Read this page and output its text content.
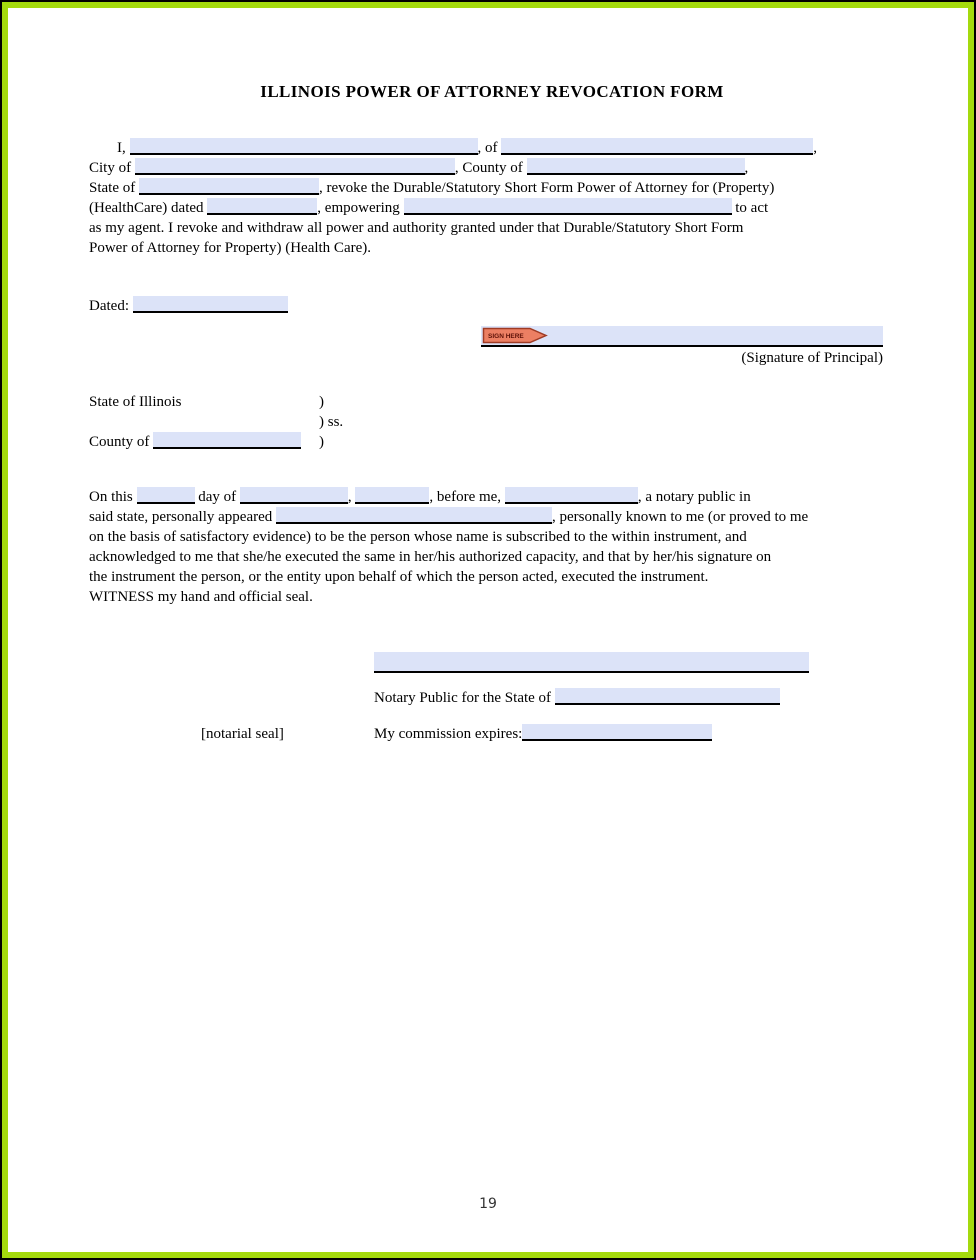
ILLINOIS POWER OF ATTORNEY REVOCATION FORM
I,	, of	,
City of	, County of	,
State of	, revoke the Durable/Statutory Short Form Power of Attorney for (Property)
(HealthCare) dated	, empowering	to act
as my agent. I revoke and withdraw all power and authority granted under that Durable/Statutory Short Form
Power of Attorney for Property) (Health Care).
Dated:
SIGN HERE
(Signature of Principal)
State of Illinois	)
) ss.
County of	)
On this	day of	,	, before me,	, a notary public in
said state, personally appeared	, personally known to me (or proved to me
on the basis of satisfactory evidence) to be the person whose name is subscribed to the within instrument, and
acknowledged to me that she/he executed the same in her/his authorized capacity, and that by her/his signature on
the instrument the person, or the entity upon behalf of which the person acted, executed the instrument.
WITNESS my hand and official seal.
Notary Public for the State of
[notarial seal]	My commission expires:
19
